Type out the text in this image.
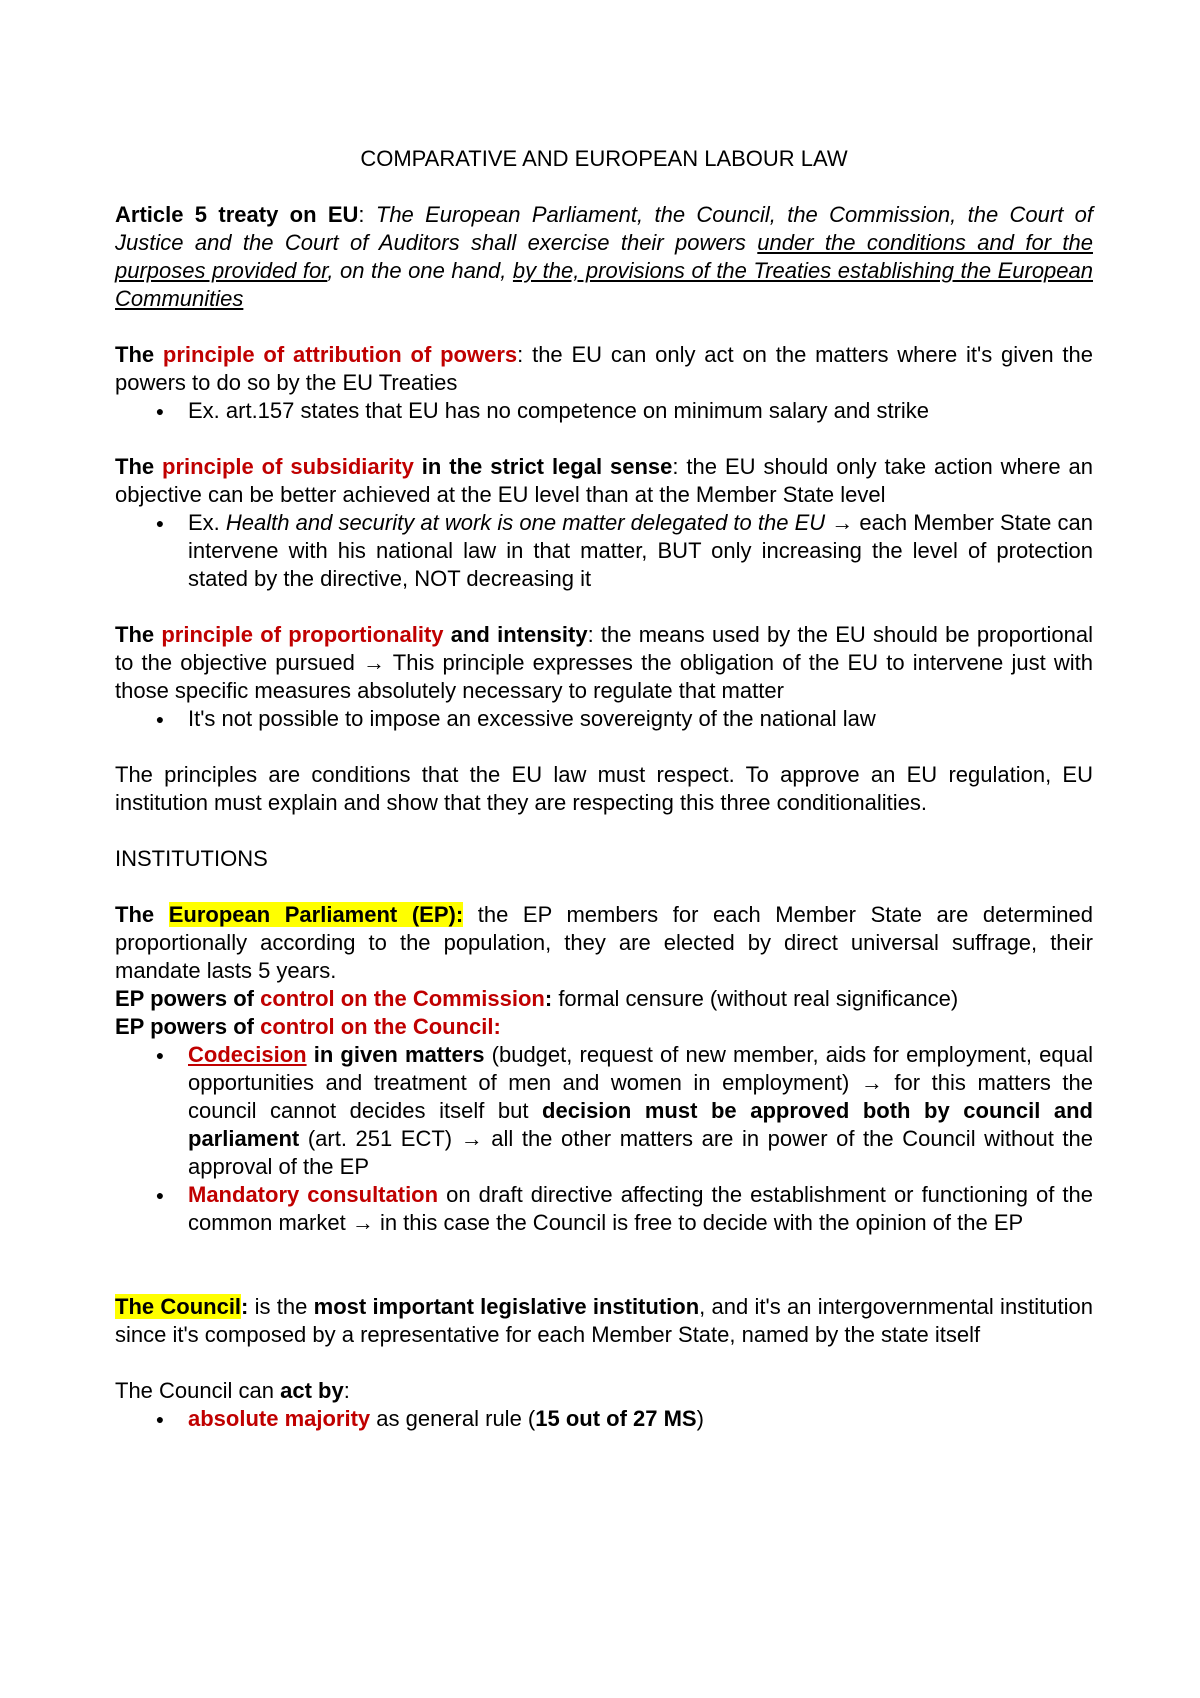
COMPARATIVE AND EUROPEAN LABOUR LAW

Article 5 treaty on EU: The European Parliament, the Council, the Commission, the Court of Justice and the Court of Auditors shall exercise their powers under the conditions and for the purposes provided for, on the one hand, by the, provisions of the Treaties establishing the European Communities

The principle of attribution of powers: the EU can only act on the matters where it's given the powers to do so by the EU Treaties

● Ex. art.157 states that EU has no competence on minimum salary and strike

The principle of subsidiarity in the strict legal sense: the EU should only take action where an objective can be better achieved at the EU level than at the Member State level

● Ex. Health and security at work is one matter delegated to the EU → each Member State can intervene with his national law in that matter, BUT only increasing the level of protection stated by the directive, NOT decreasing it

The principle of proportionality and intensity: the means used by the EU should be proportional to the objective pursued → This principle expresses the obligation of the EU to intervene just with those specific measures absolutely necessary to regulate that matter

● It's not possible to impose an excessive sovereignty of the national law

The principles are conditions that the EU law must respect. To approve an EU regulation, EU institution must explain and show that they are respecting this three conditionalities.

INSTITUTIONS

The European Parliament (EP): the EP members for each Member State are determined proportionally according to the population, they are elected by direct universal suffrage, their mandate lasts 5 years.

EP powers of control on the Commission: formal censure (without real significance)

EP powers of control on the Council:

● Codecision in given matters (budget, request of new member, aids for employment, equal opportunities and treatment of men and women in employment) → for this matters the council cannot decides itself but decision must be approved both by council and parliament (art. 251 ECT) → all the other matters are in power of the Council without the approval of the EP
● Mandatory consultation on draft directive affecting the establishment or functioning of the common market → in this case the Council is free to decide with the opinion of the EP

The Council: is the most important legislative institution, and it's an intergovernmental institution since it's composed by a representative for each Member State, named by the state itself

The Council can act by:

● absolute majority as general rule (15 out of 27 MS)
